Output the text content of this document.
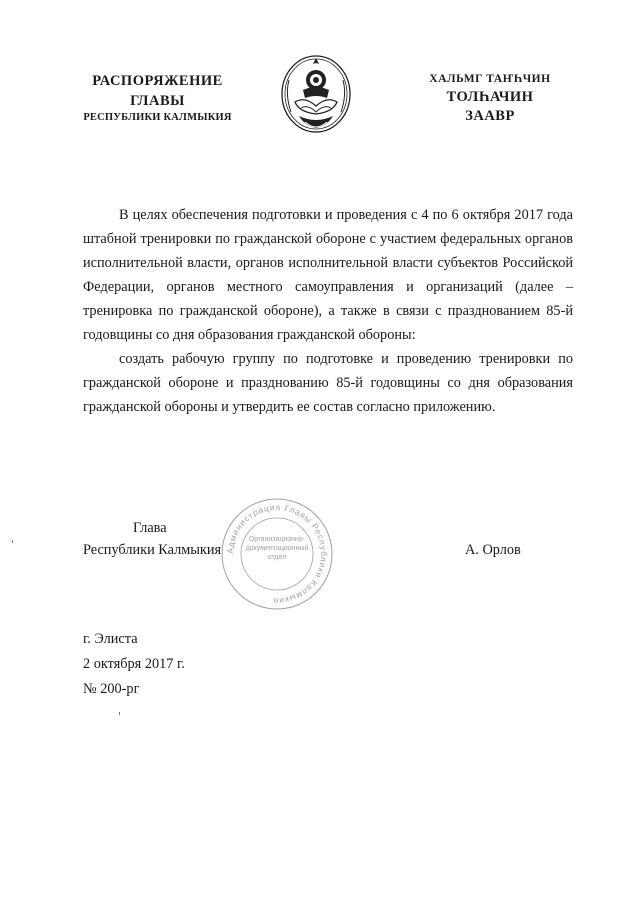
РАСПОРЯЖЕНИЕ
ГЛАВЫ
РЕСПУБЛИКИ КАЛМЫКИЯ
ХАЛЬМГ ТАҤҺЧИН
ТОЛҺАЧИН
ЗААВР

В целях обеспечения подготовки и проведения с 4 по 6 октября 2017 года штабной тренировки по гражданской обороне с участием федеральных органов исполнительной власти, органов исполнительной власти субъектов Российской Федерации, органов местного самоуправления и организаций (далее – тренировка по гражданской обороне), а также в связи с празднованием 85-й годовщины со дня образования гражданской обороны:

создать рабочую группу по подготовке и проведению тренировки по гражданской обороне и празднованию 85-й годовщины со дня образования гражданской обороны и утвердить ее состав согласно приложению.

Глава
Республики Калмыкия	А. Орлов
Администрация Главы Республики Калмыкия
Организационно-документационный отдел
г. Элиста
2 октября 2017 г.
№ 200-рг
